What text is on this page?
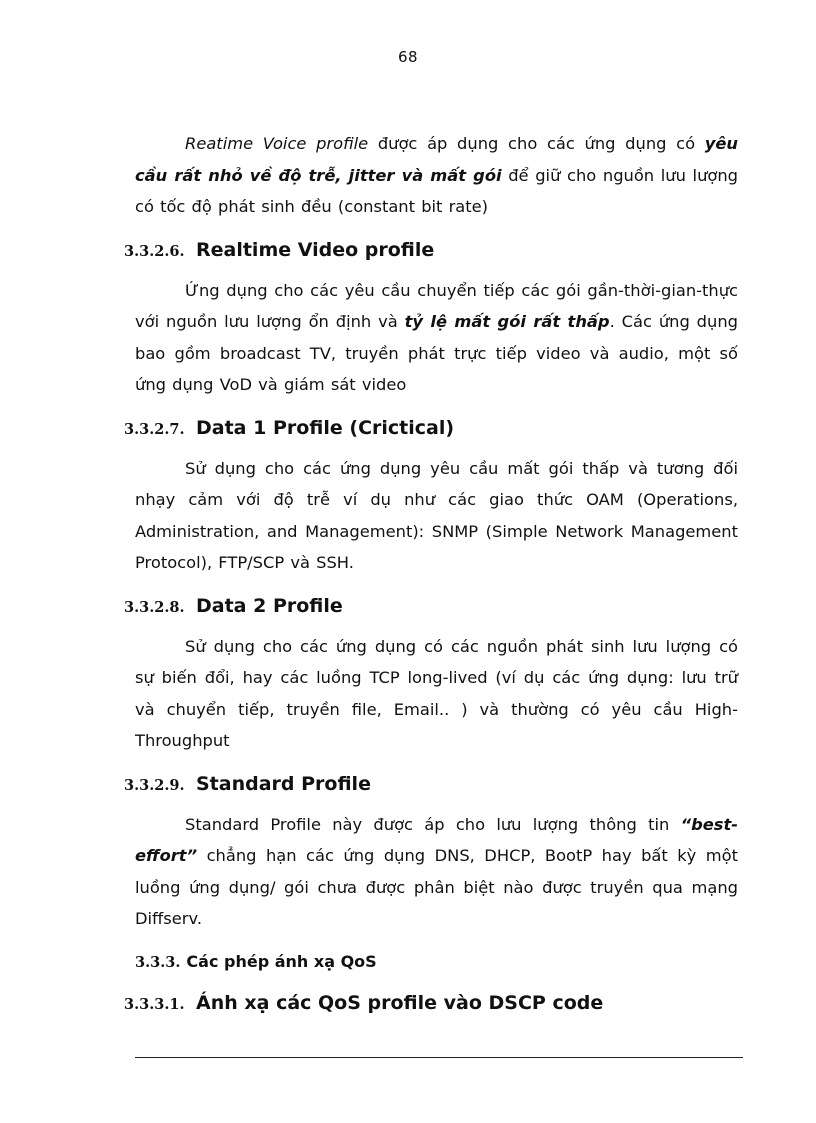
68

Reatime Voice profile được áp dụng cho các ứng dụng có yêu cầu rất nhỏ về độ trễ, jitter và mất gói để giữ cho nguồn lưu lượng có tốc độ phát sinh đều (constant bit rate)

3.3.2.6. Realtime Video profile

Ứng dụng cho các yêu cầu chuyển tiếp các gói gần-thời-gian-thực với nguồn lưu lượng ổn định và tỷ lệ mất gói rất thấp. Các ứng dụng bao gồm broadcast TV, truyền phát trực tiếp video và audio, một số ứng dụng VoD và giám sát video

3.3.2.7. Data 1 Profile (Crictical)

Sử dụng cho các ứng dụng yêu cầu mất gói thấp và tương đối nhạy cảm với độ trễ ví dụ như các giao thức OAM (Operations, Administration, and Management): SNMP (Simple Network Management Protocol), FTP/SCP và SSH.

3.3.2.8. Data 2 Profile

Sử dụng cho các ứng dụng có các nguồn phát sinh lưu lượng có sự biến đổi, hay các luồng TCP long-lived (ví dụ các ứng dụng: lưu trữ và chuyển tiếp, truyền file, Email.. ) và thường có yêu cầu High-Throughput

3.3.2.9. Standard Profile

Standard Profile này được áp cho lưu lượng thông tin “best-effort” chẳng hạn các ứng dụng DNS, DHCP, BootP hay bất kỳ một luồng ứng dụng/ gói chưa được phân biệt nào được truyền qua mạng Diffserv.

3.3.3. Các phép ánh xạ QoS
3.3.3.1. Ánh xạ các QoS profile vào DSCP code
